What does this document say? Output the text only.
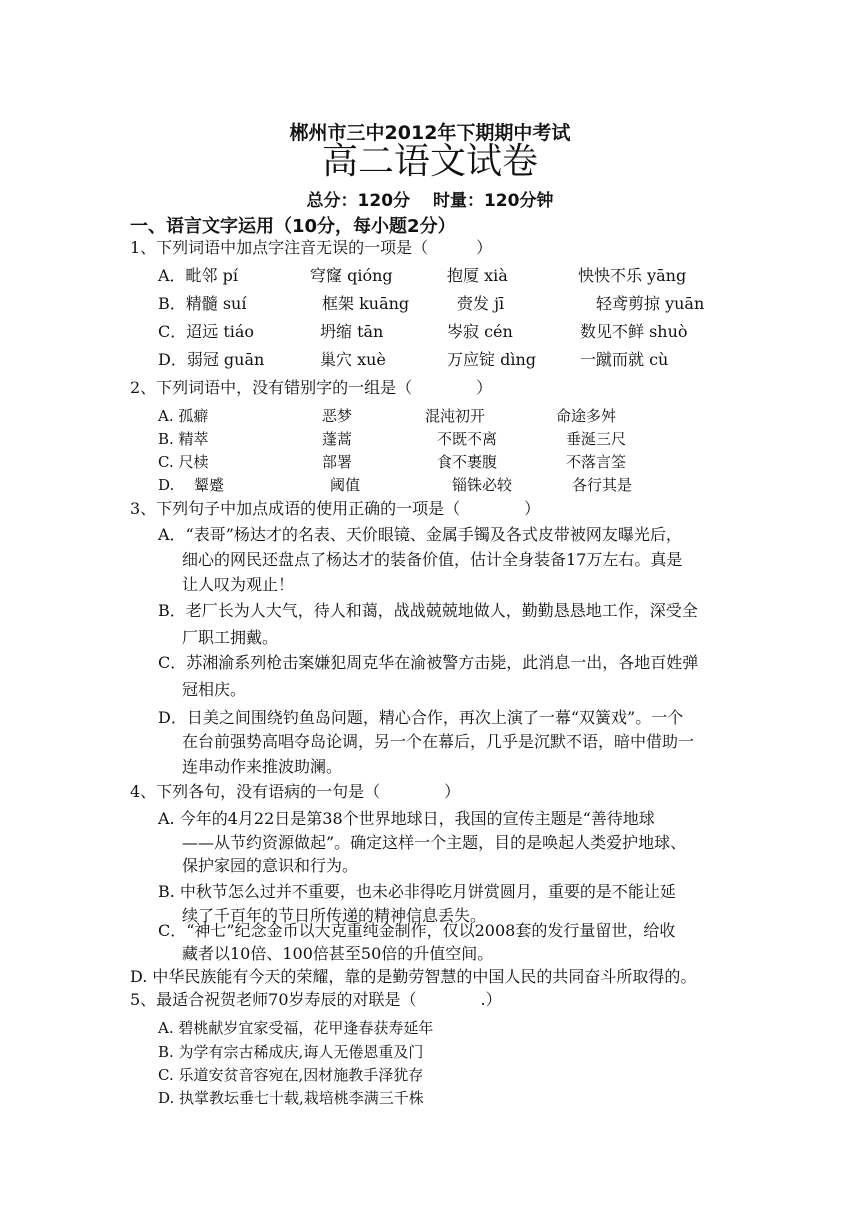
郴州市三中2012年下期期中考试
高二语文试卷
总分：120分　 时量：120分钟
一、语言文字运用（10分，每小题2分）
1、下列词语中加点字注音无误的一项是（　　　）
A．毗邻 pí	穹窿 qióng	抱厦 xià	怏怏不乐 yāng
B．精髓 suí	框架 kuāng	赍发 jī	轻鸢剪掠 yuān
C．迢远 tiáo	坍缩 tān	岑寂 cén	数见不鲜 shuò
D．弱冠 guān	巢穴 xuè	万应锭 dìng	一蹴而就 cù
2、下列词语中，没有错别字的一组是（　　　　）
A. 孤癖	恶梦	混沌初开	命途多舛
B. 精萃	蓬蒿	不既不离	垂涎三尺
C. 尺椟	部署	食不裹腹	不落言筌
D.　 颦蹙	阈值	锱铢必较	各行其是
3、下列句子中加点成语的使用正确的一项是（　　　　）
A．“表哥”杨达才的名表、天价眼镜、金属手镯及各式皮带被网友曝光后，
细心的网民还盘点了杨达才的装备价值，估计全身装备17万左右。真是
让人叹为观止！
B．老厂长为人大气，待人和蔼，战战兢兢地做人，勤勤恳恳地工作，深受全
厂职工拥戴。
C．苏湘渝系列枪击案嫌犯周克华在渝被警方击毙，此消息一出，各地百姓弹
冠相庆。
D．日美之间围绕钓鱼岛问题，精心合作，再次上演了一幕“双簧戏”。一个
在台前强势高唱夺岛论调，另一个在幕后，几乎是沉默不语，暗中借助一
连串动作来推波助澜。
4、下列各句，没有语病的一句是（　　　　）
A. 今年的4月22日是第38个世界地球日，我国的宣传主题是“善待地球
——从节约资源做起”。确定这样一个主题，目的是唤起人类爱护地球、
保护家园的意识和行为。
B. 中秋节怎么过并不重要，也未必非得吃月饼赏圆月，重要的是不能让延
续了千百年的节日所传递的精神信息丢失。
C．“神七”纪念金币以大克重纯金制作，仅以2008套的发行量留世，给收
藏者以10倍、100倍甚至50倍的升值空间。
D. 中华民族能有今天的荣耀，靠的是勤劳智慧的中国人民的共同奋斗所取得的。
5、最适合祝贺老师70岁寿辰的对联是（　　　　.）
A. 碧桃献岁宜家受福，花甲逢春获寿延年
B. 为学有宗古稀成庆,诲人无倦恩重及门
C. 乐道安贫音容宛在,因材施教手泽犹存
D. 执掌教坛垂七十载,栽培桃李满三千株
